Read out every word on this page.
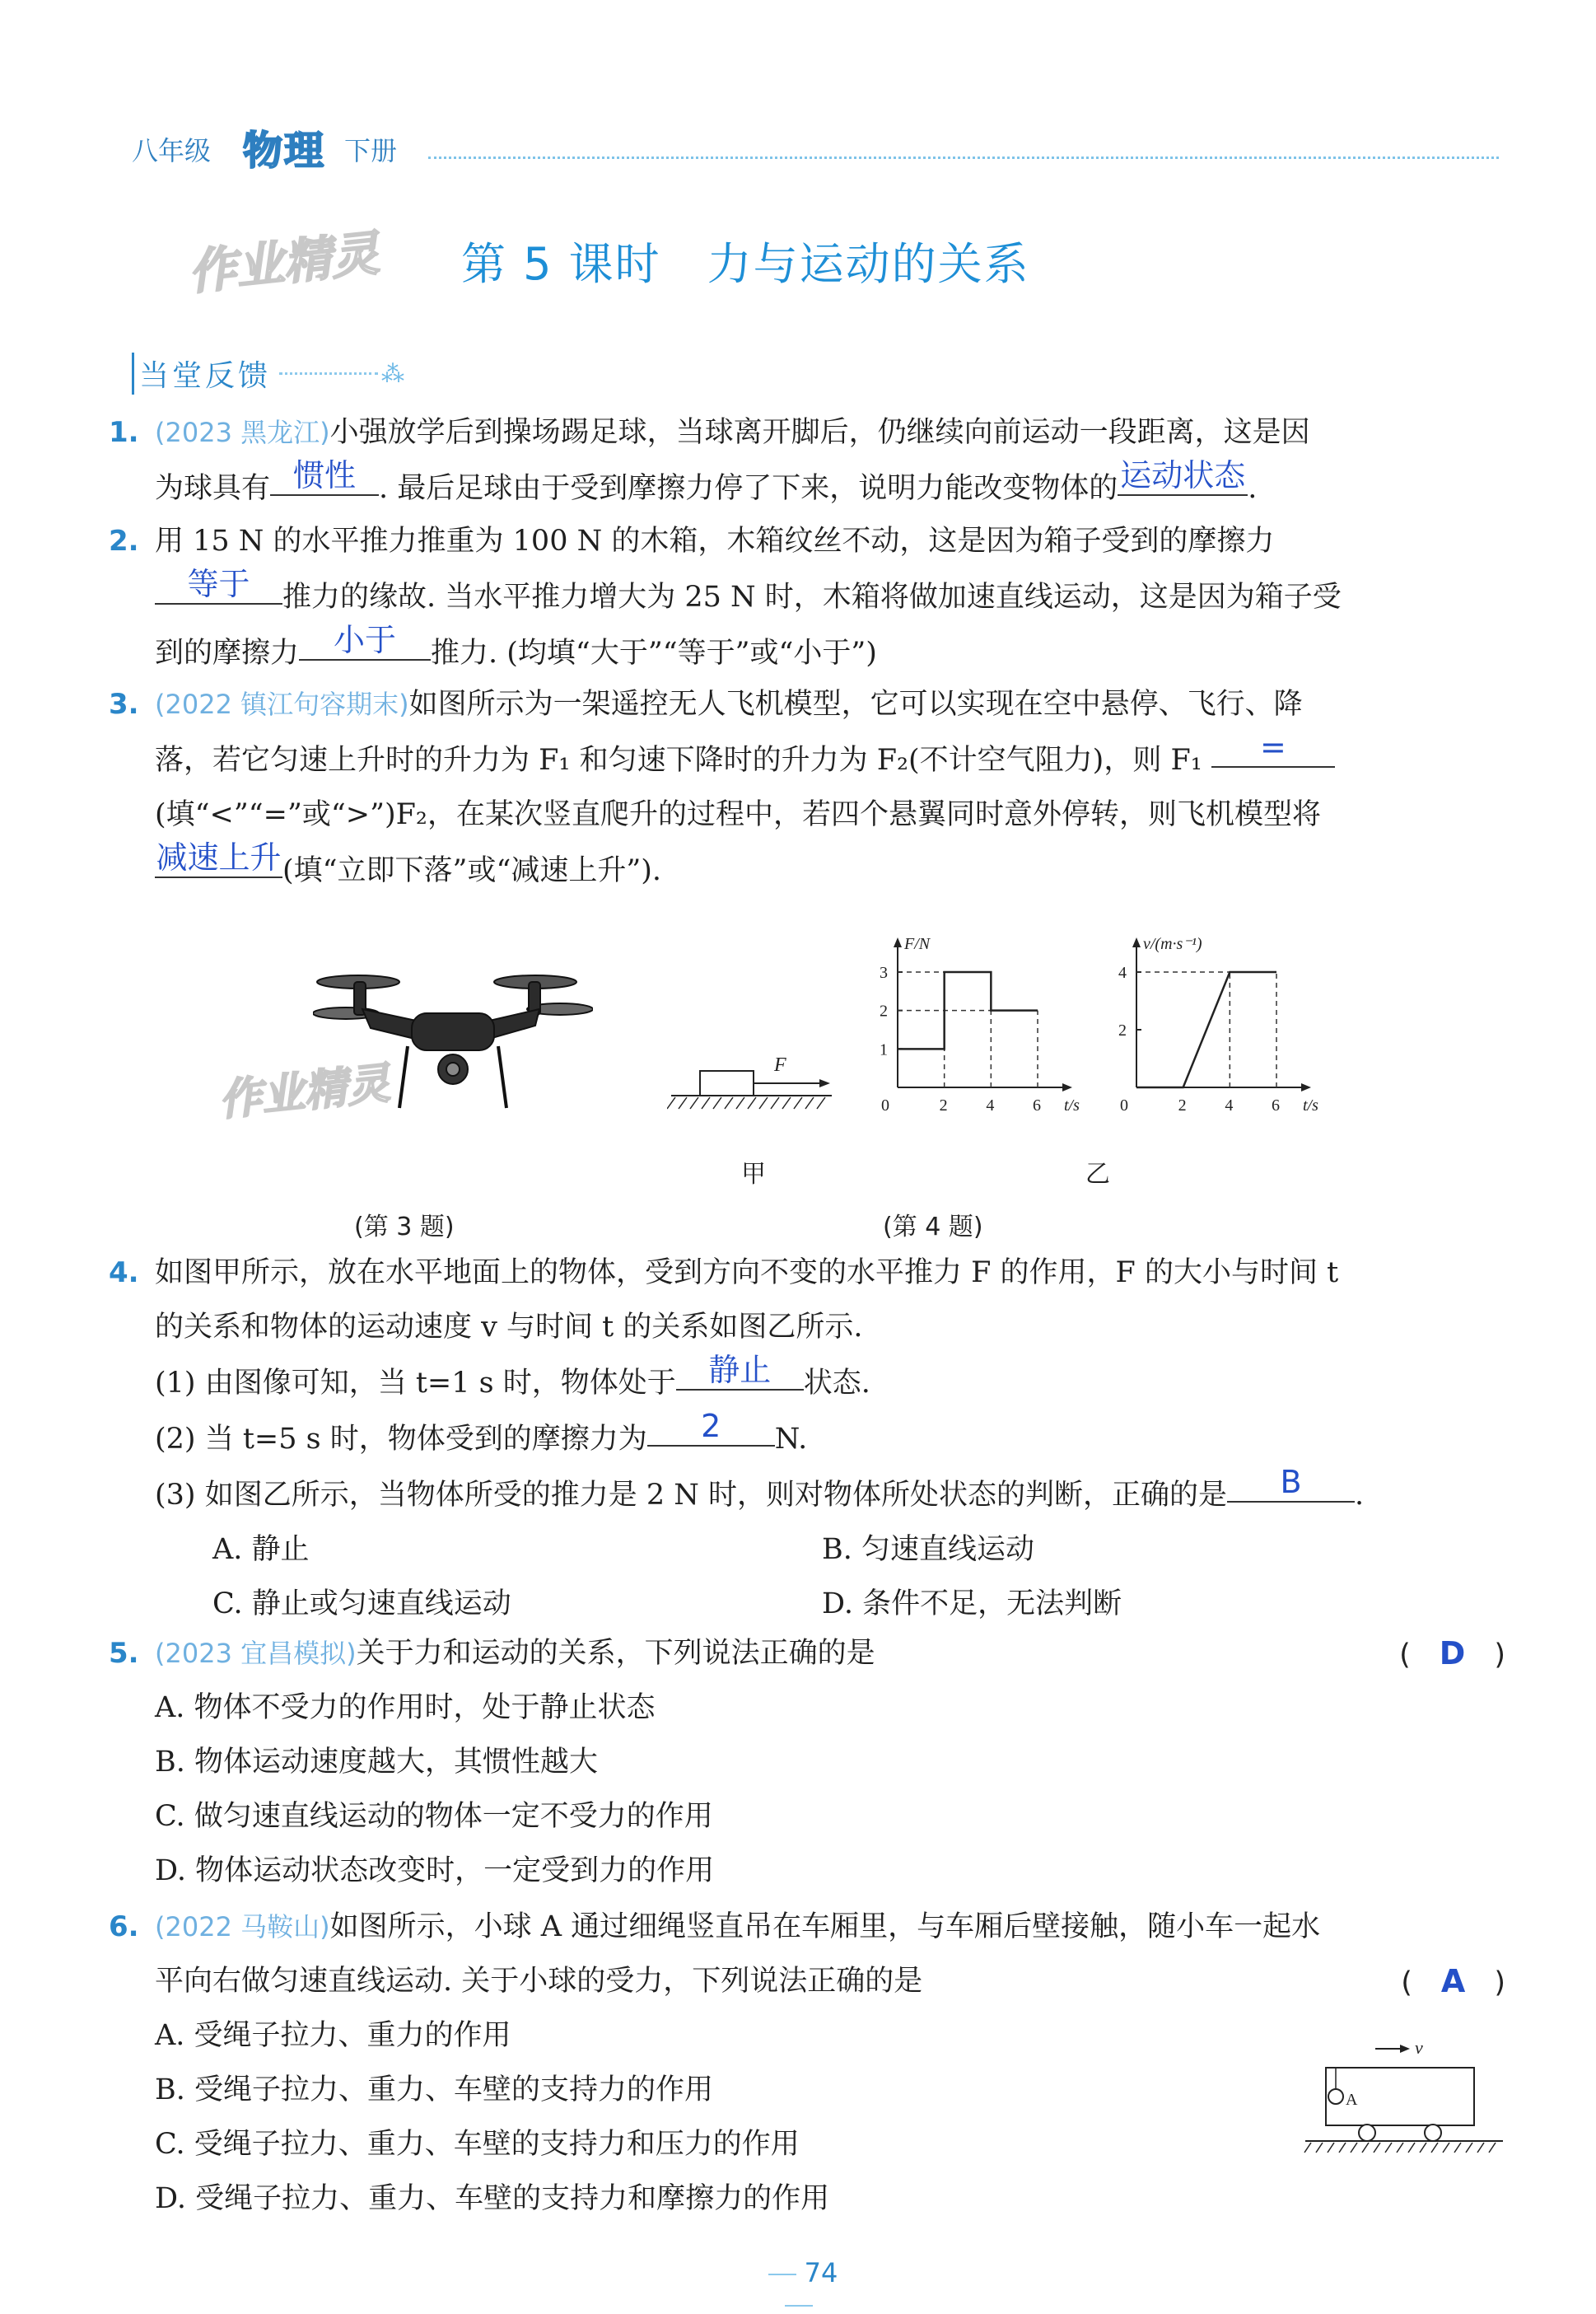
八年级 物理 下册
作业精灵 第 5 课时　力与运动的关系
当堂反馈	⁂
1. (2023 黑龙江)小强放学后到操场踢足球，当球离开脚后，仍继续向前运动一段距离，这是因
为球具有 惯性 . 最后足球由于受到摩擦力停了下来，说明力能改变物体的运动状态.
2. 用 15 N 的水平推力推重为 100 N 的木箱，木箱纹丝不动，这是因为箱子受到的摩擦力
等于 推力的缘故. 当水平推力增大为 25 N 时，木箱将做加速直线运动，这是因为箱子受
到的摩擦力 小于 推力. (均填“大于”“等于”或“小于”)
3. (2022 镇江句容期末)如图所示为一架遥控无人飞机模型，它可以实现在空中悬停、飞行、降
落，若它匀速上升时的升力为 F₁ 和匀速下降时的升力为 F₂(不计空气阻力)，则 F₁ =
(填“<”“=”或“>”)F₂，在某次竖直爬升的过程中，若四个悬翼同时意外停转，则飞机模型将
减速上升(填“立即下落”或“减速上升”).
作业精灵	F
F/N
t/s
0	2 4 6
1
2
3
v/(m·s⁻¹)
t/s
0	2 4 6
2
4
甲	乙
(第 3 题)	(第 4 题)
4. 如图甲所示，放在水平地面上的物体，受到方向不变的水平推力 F 的作用，F 的大小与时间 t
的关系和物体的运动速度 v 与时间 t 的关系如图乙所示.
(1) 由图像可知，当 t=1 s 时，物体处于 静止 状态.
(2) 当 t=5 s 时，物体受到的摩擦力为 2 N.
(3) 如图乙所示，当物体所受的推力是 2 N 时，则对物体所处状态的判断，正确的是 B .
A. 静止	B. 匀速直线运动
C. 静止或匀速直线运动	D. 条件不足，无法判断
5. (2023 宜昌模拟)关于力和运动的关系，下列说法正确的是	(　D　)
A. 物体不受力的作用时，处于静止状态
B. 物体运动速度越大，其惯性越大
C. 做匀速直线运动的物体一定不受力的作用
D. 物体运动状态改变时，一定受到力的作用
6. (2022 马鞍山)如图所示，小球 A 通过细绳竖直吊在车厢里，与车厢后壁接触，随小车一起水
平向右做匀速直线运动. 关于小球的受力，下列说法正确的是	(　A　)
A. 受绳子拉力、重力的作用
B. 受绳子拉力、重力、车壁的支持力的作用
C. 受绳子拉力、重力、车壁的支持力和压力的作用
D. 受绳子拉力、重力、车壁的支持力和摩擦力的作用
v
A
74
